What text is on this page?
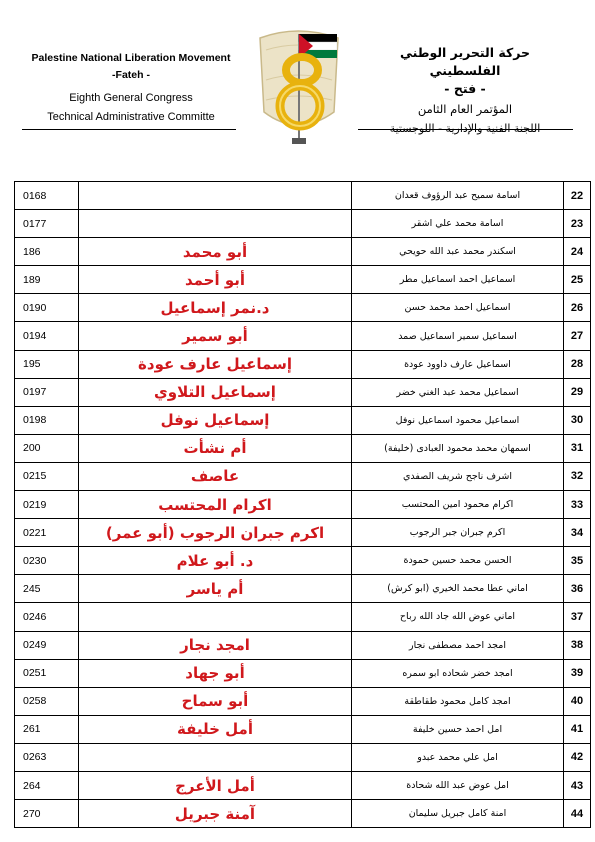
Palestine National Liberation Movement
-Fateh -
Eighth General Congress
Technical Administrative Committe
حركة التحرير الوطني الفلسطيني
- فتح -
المؤتمر العام الثامن
اللجنة الفنية والإدارية - اللوجستية
0168		اسامة سميح عبد الرؤوف قعدان	22
0177		اسامة محمد علي اشقر	23
186	أبو محمد	اسكندر محمد عبد الله حويحي	24
189	أبو أحمد	اسماعيل احمد اسماعيل مطر	25
0190	د.نمر إسماعيل	اسماعيل احمد محمد حسن	26
0194	أبو سمير	اسماعيل سمير اسماعيل صمد	27
195	إسماعيل عارف عودة	اسماعيل عارف داوود عودة	28
0197	إسماعيل التلاوي	اسماعيل محمد عبد الغني خضر	29
0198	إسماعيل نوفل	اسماعيل محمود اسماعيل نوفل	30
200	أم نشأت	اسمهان محمد محمود العبادى (خليفة)	31
0215	عاصف	اشرف ناجح شريف الصفدي	32
0219	اكرام المحتسب	اكرام محمود امين المحتسب	33
0221	اكرم جبران الرجوب (أبو عمر)	اكرم جبران جبر الرجوب	34
0230	د. أبو علام	الحسن محمد حسين حمودة	35
245	أم ياسر	اماني عطا محمد الخيري (ابو كرش)	36
0246		اماني عوض الله جاد الله رباح	37
0249	امجد نجار	امجد احمد مصطفى نجار	38
0251	أبو جهاد	امجد خضر شحاده ابو سمره	39
0258	أبو سماح	امجد كامل محمود طقاطقة	40
261	أمل خليفة	امل احمد حسين خليفة	41
0263		امل علي محمد عبدو	42
264	أمل الأعرج	امل عوض عبد الله شحادة	43
270	آمنة جبريل	امنة كامل جبريل سليمان	44
